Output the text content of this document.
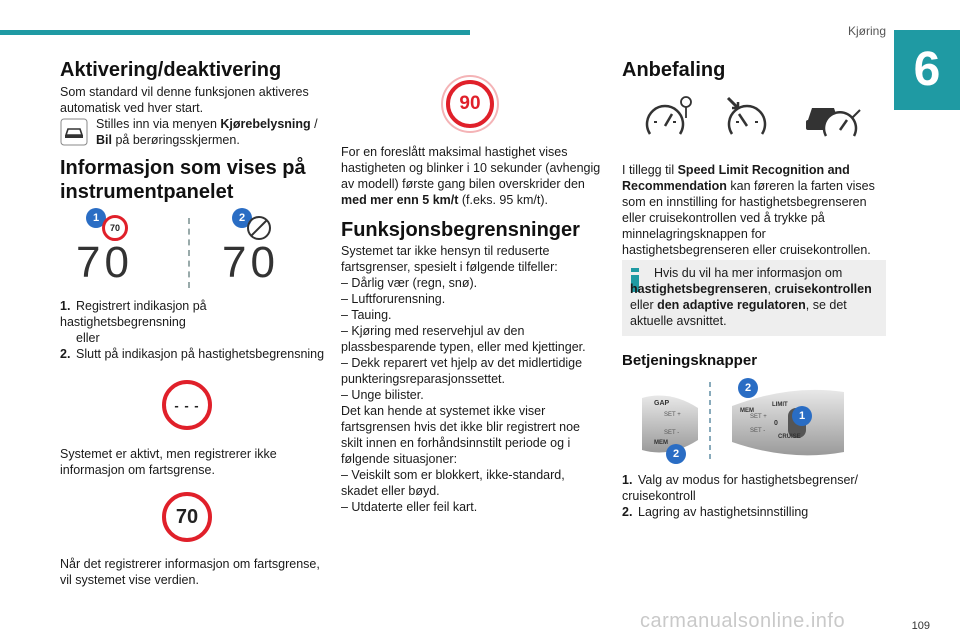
Kjøring
6
Aktivering/deaktivering

Som standard vil denne funksjonen aktiveres automatisk ved hver start.

Stilles inn via menyen Kjørebelysning / Bil på berøringsskjermen.

Informasjon som vises på instrumentpanelet
1
70
70
2
70

1. Registrert indikasjon på hastighetsbegrensning

eller

2. Slutt på indikasjon på hastighetsbegrensning

- - -

Systemet er aktivt, men registrerer ikke informasjon om fartsgrense.

70

Når det registrerer informasjon om fartsgrense, vil systemet vise verdien.

90

For en foreslått maksimal hastighet vises hastigheten og blinker i 10 sekunder (avhengig av modell) første gang bilen overskrider den med mer enn 5 km/t (f.eks. 95 km/t).

Funksjonsbegrensninger

Systemet tar ikke hensyn til reduserte fartsgrenser, spesielt i følgende tilfeller:

– Dårlig vær (regn, snø).

– Luftforurensning.

– Tauing.

– Kjøring med reservehjul av den plassbesparende typen, eller med kjettinger.

– Dekk reparert vet hjelp av det midlertidige punkteringsreparasjonssettet.

– Unge bilister.

Det kan hende at systemet ikke viser fartsgrensen hvis det ikke blir registrert noe skilt innen en forhåndsinnstilt periode og i følgende situasjoner:

– Veiskilt som er blokkert, ikke-standard, skadet eller bøyd.

– Utdaterte eller feil kart.

Anbefaling

I tillegg til Speed Limit Recognition and Recommendation kan føreren la farten vises som en innstilling for hastighetsbegrenseren eller cruisekontrollen ved å trykke på minnelagringsknappen for hastighetsbegrenseren eller cruisekontrollen.

Hvis du vil ha mer informasjon om hastighetsbegrenseren, cruisekontrollen eller den adaptive regulatoren, se det aktuelle avsnittet.

Betjeningsknapper
GAP
SET +
SET -
MEM
MEM
LIMIT
SET +
SET -
0
CRUISE
2
1
2

1. Valg av modus for hastighetsbegrenser/ cruisekontroll

2. Lagring av hastighetsinnstilling

carmanualsonline.info	109
